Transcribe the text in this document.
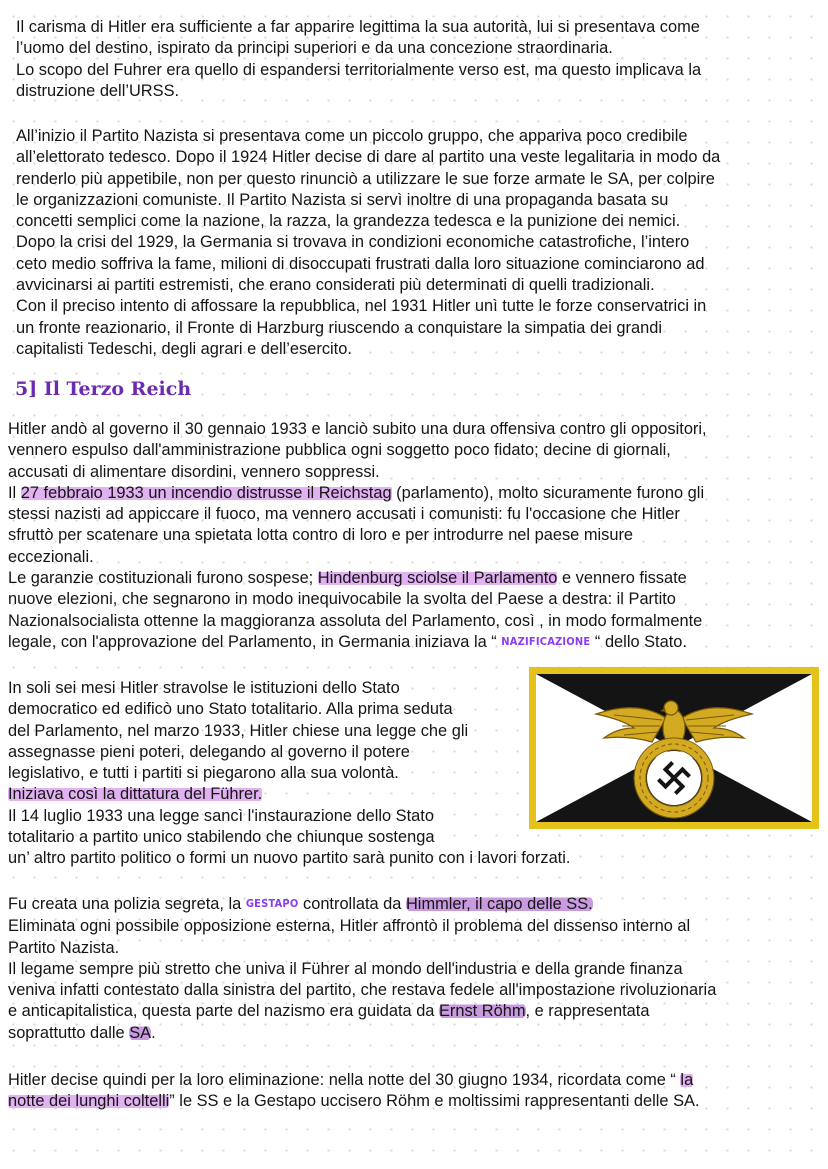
Il carisma di Hitler era sufficiente a far apparire legittima la sua autorità, lui si presentava come
l’uomo del destino, ispirato da principi superiori e da una concezione straordinaria.
Lo scopo del Fuhrer era quello di espandersi territorialmente verso est, ma questo implicava la
distruzione dell’URSS.
All’inizio il Partito Nazista si presentava come un piccolo gruppo, che appariva poco credibile
all’elettorato tedesco. Dopo il 1924 Hitler decise di dare al partito una veste legalitaria in modo da
renderlo più appetibile, non per questo rinunciò a utilizzare le sue forze armate le SA, per colpire
le organizzazioni comuniste. Il Partito Nazista si servì inoltre di una propaganda basata su
concetti semplici come la nazione, la razza, la grandezza tedesca e la punizione dei nemici.
Dopo la crisi del 1929, la Germania si trovava in condizioni economiche catastrofiche, l’intero
ceto medio soffriva la fame, milioni di disoccupati frustrati dalla loro situazione cominciarono ad
avvicinarsi ai partiti estremisti, che erano considerati più determinati di quelli tradizionali.
Con il preciso intento di affossare la repubblica, nel 1931 Hitler unì tutte le forze conservatrici in
un fronte reazionario, il Fronte di Harzburg riuscendo a conquistare la simpatia dei grandi
capitalisti Tedeschi, degli agrari e dell’esercito.
5] Il Terzo Reich
Hitler andò al governo il 30 gennaio 1933 e lanciò subito una dura offensiva contro gli oppositori,
vennero espulso dall'amministrazione pubblica ogni soggetto poco fidato; decine di giornali,
accusati di alimentare disordini, vennero soppressi.
Il 27 febbraio 1933 un incendio distrusse il Reichstag (parlamento), molto sicuramente furono gli
stessi nazisti ad appiccare il fuoco, ma vennero accusati i comunisti: fu l'occasione che Hitler
sfruttò per scatenare una spietata lotta contro di loro e per introdurre nel paese misure
eccezionali.
Le garanzie costituzionali furono sospese; Hindenburg sciolse il Parlamento e vennero fissate
nuove elezioni, che segnarono in modo inequivocabile la svolta del Paese a destra: il Partito
Nazionalsocialista ottenne la maggioranza assoluta del Parlamento, così , in modo formalmente
legale, con l'approvazione del Parlamento, in Germania iniziava la “ NAZIFICAZIONE “ dello Stato.
In soli sei mesi Hitler stravolse le istituzioni dello Stato
democratico ed edificò uno Stato totalitario. Alla prima seduta
del Parlamento, nel marzo 1933, Hitler chiese una legge che gli
assegnasse pieni poteri, delegando al governo il potere
legislativo, e tutti i partiti si piegarono alla sua volontà.
Iniziava così la dittatura del Führer.
Il 14 luglio 1933 una legge sancì l'instaurazione dello Stato
totalitario a partito unico stabilendo che chiunque sostenga
un’ altro partito politico o formi un nuovo partito sarà punito con i lavori forzati.
Fu creata una polizia segreta, la GESTAPO controllata da Himmler, il capo delle SS.
Eliminata ogni possibile opposizione esterna, Hitler affrontò il problema del dissenso interno al
Partito Nazista.
Il legame sempre più stretto che univa il Führer al mondo dell'industria e della grande finanza
veniva infatti contestato dalla sinistra del partito, che restava fedele all'impostazione rivoluzionaria
e anticapitalistica, questa parte del nazismo era guidata da Ernst Röhm, e rappresentata
soprattutto dalle SA.
Hitler decise quindi per la loro eliminazione: nella notte del 30 giugno 1934, ricordata come “ la
notte dei lunghi coltelli” le SS e la Gestapo uccisero Röhm e moltissimi rappresentanti delle SA.
